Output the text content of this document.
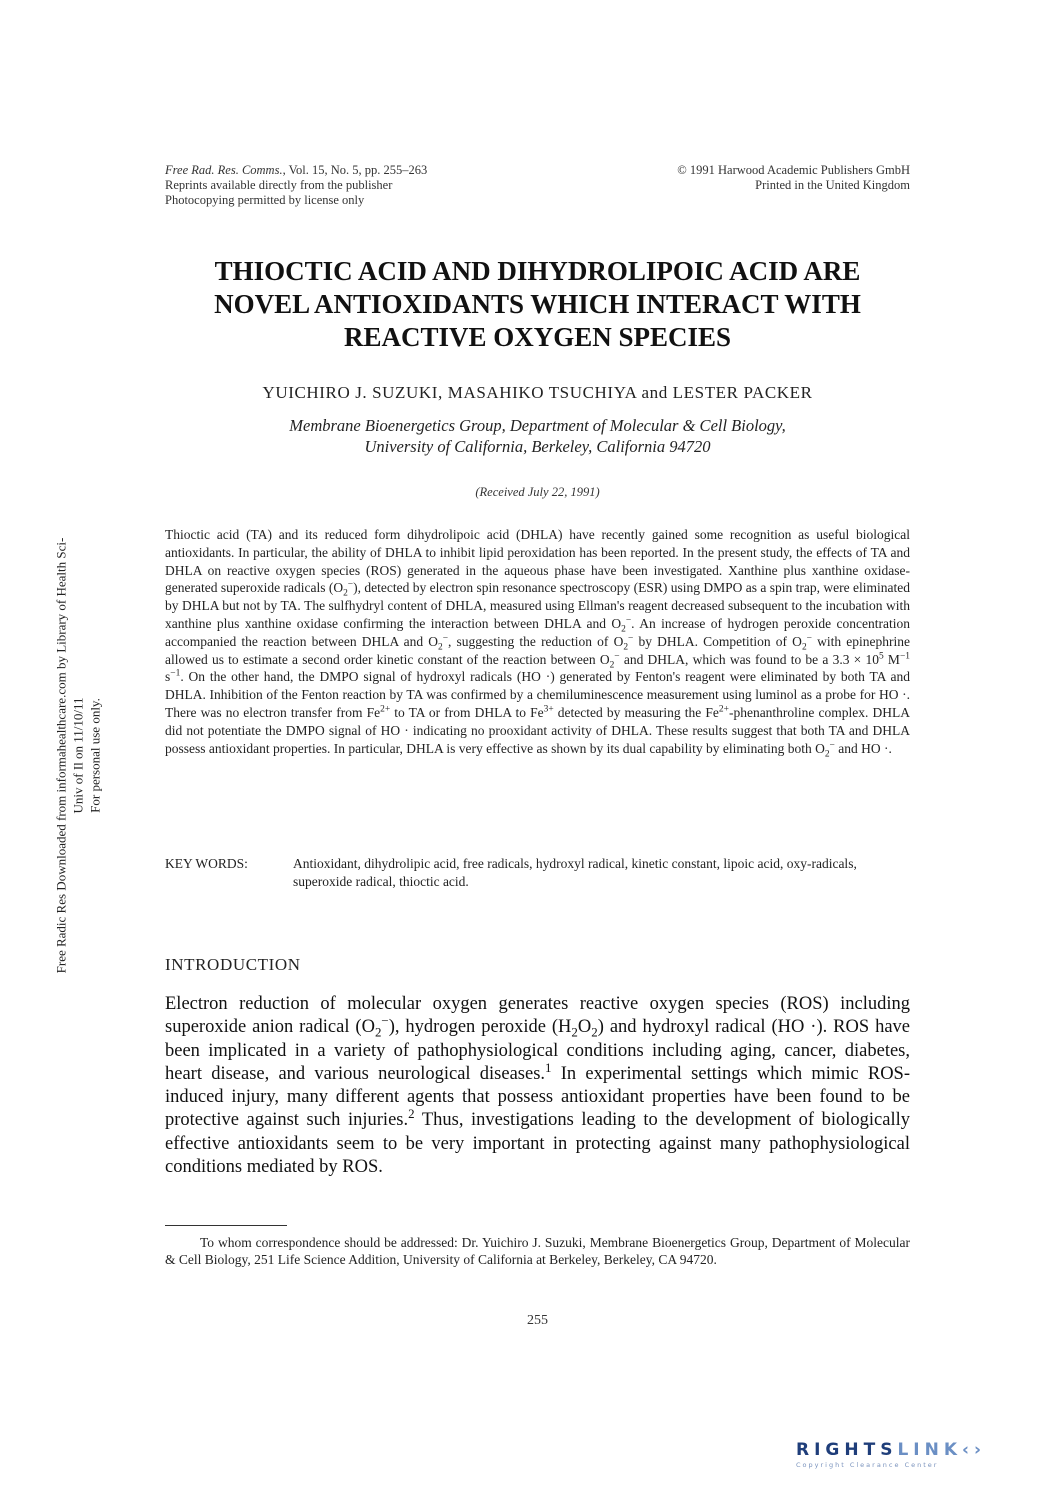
Free Radic Res Downloaded from informahealthcare.com by Library of Health Sci-Univ of Il on 11/10/11 For personal use only.
Free Rad. Res. Comms., Vol. 15, No. 5, pp. 255–263
Reprints available directly from the publisher
Photocopying permitted by license only
© 1991 Harwood Academic Publishers GmbH
Printed in the United Kingdom
THIOCTIC ACID AND DIHYDROLIPOIC ACID ARE
NOVEL ANTIOXIDANTS WHICH INTERACT WITH
REACTIVE OXYGEN SPECIES
YUICHIRO J. SUZUKI, MASAHIKO TSUCHIYA and LESTER PACKER
Membrane Bioenergetics Group, Department of Molecular & Cell Biology,
University of California, Berkeley, California 94720
(Received July 22, 1991)
Thioctic acid (TA) and its reduced form dihydrolipoic acid (DHLA) have recently gained some recognition as useful biological antioxidants. In particular, the ability of DHLA to inhibit lipid peroxidation has been reported. In the present study, the effects of TA and DHLA on reactive oxygen species (ROS) generated in the aqueous phase have been investigated. Xanthine plus xanthine oxidase-generated superoxide radicals $(O_2^-)$, detected by electron spin resonance spectroscopy (ESR) using DMPO as a spin trap, were eliminated by DHLA but not by TA. The sulfhydryl content of DHLA, measured using Ellman's reagent decreased subsequent to the incubation with xanthine plus xanthine oxidase confirming the interaction between DHLA and $O_2^-$. An increase of hydrogen peroxide concentration accompanied the reaction between DHLA and $O_2^-$, suggesting the reduction of $O_2^-$ by DHLA. Competition of $O_2^-$ with epinephrine allowed us to estimate a second order kinetic constant of the reaction between $O_2^-$ and DHLA, which was found to be a $3.3 \times 10^5$ $M^{-1}$ $s^{-1}$. On the other hand, the DMPO signal of hydroxyl radicals (HO ·) generated by Fenton's reagent were eliminated by both TA and DHLA. Inhibition of the Fenton reaction by TA was confirmed by a chemiluminescence measurement using luminol as a probe for HO ·. There was no electron transfer from $Fe^{2+}$ to TA or from DHLA to $Fe^{3+}$ detected by measuring the $Fe^{2+}$-phenanthroline complex. DHLA did not potentiate the DMPO signal of HO · indicating no prooxidant activity of DHLA. These results suggest that both TA and DHLA possess antioxidant properties. In particular, DHLA is very effective as shown by its dual capability by eliminating both $O_2^-$ and HO ·.
KEY WORDS:	Antioxidant, dihydrolipic acid, free radicals, hydroxyl radical, kinetic constant, lipoic acid, oxy-radicals, superoxide radical, thioctic acid.
INTRODUCTION
Electron reduction of molecular oxygen generates reactive oxygen species (ROS) including superoxide anion radical $(O_2^-)$, hydrogen peroxide $(H_2O_2)$ and hydroxyl radical (HO ·). ROS have been implicated in a variety of pathophysiological conditions including aging, cancer, diabetes, heart disease, and various neurological diseases.$^1$ In experimental settings which mimic ROS-induced injury, many different agents that possess antioxidant properties have been found to be protective against such injuries.$^2$ Thus, investigations leading to the development of biologically effective antioxidants seem to be very important in protecting against many pathophysiological conditions mediated by ROS.
To whom correspondence should be addressed: Dr. Yuichiro J. Suzuki, Membrane Bioenergetics Group, Department of Molecular & Cell Biology, 251 Life Science Addition, University of California at Berkeley, Berkeley, CA 94720.
255
RIGHTSLINK‹›
Copyright Clearance Center
